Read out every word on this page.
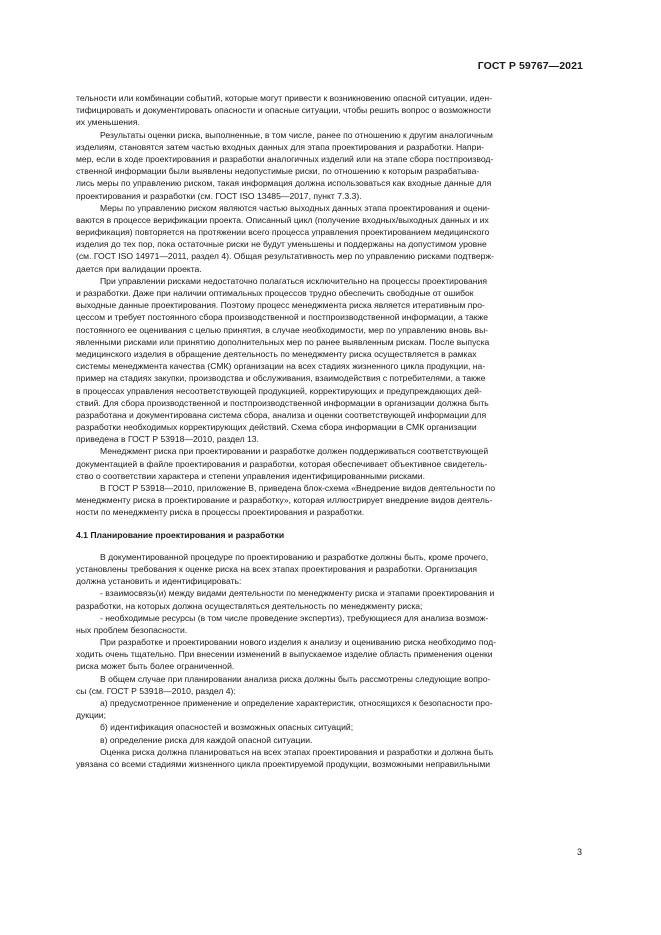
ГОСТ Р 59767—2021
тельности или комбинации событий, которые могут привести к возникновению опасной ситуации, иден-
тифицировать и документировать опасности и опасные ситуации, чтобы решить вопрос о возможности
их уменьшения.
Результаты оценки риска, выполненные, в том числе, ранее по отношению к другим аналогичным
изделиям, становятся затем частью входных данных для этапа проектирования и разработки. Напри-
мер, если в ходе проектирования и разработки аналогичных изделий или на этапе сбора постпроизвод-
ственной информации были выявлены недопустимые риски, по отношению к которым разрабатыва-
лись меры по управлению риском, такая информация должна использоваться как входные данные для
проектирования и разработки (см. ГОСТ ISO 13485—2017, пункт 7.3.3).
Меры по управлению риском являются частью выходных данных этапа проектирования и оцени-
ваются в процессе верификации проекта. Описанный цикл (получение входных/выходных данных и их
верификация) повторяется на протяжении всего процесса управления проектированием медицинского
изделия до тех пор, пока остаточные риски не будут уменьшены и поддержаны на допустимом уровне
(см. ГОСТ ISO 14971—2011, раздел 4). Общая результативность мер по управлению рисками подтверж-
дается при валидации проекта.
При управлении рисками недостаточно полагаться исключительно на процессы проектирования
и разработки. Даже при наличии оптимальных процессов трудно обеспечить свободные от ошибок
выходные данные проектирования. Поэтому процесс менеджмента риска является итеративным про-
цессом и требует постоянного сбора производственной и постпроизводственной информации, а также
постоянного ее оценивания с целью принятия, в случае необходимости, мер по управлению вновь вы-
явленными рисками или принятию дополнительных мер по ранее выявленным рискам. После выпуска
медицинского изделия в обращение деятельность по менеджменту риска осуществляется в рамках
системы менеджмента качества (СМК) организации на всех стадиях жизненного цикла продукции, на-
пример на стадиях закупки, производства и обслуживания, взаимодействия с потребителями, а также
в процессах управления несоответствующей продукцией, корректирующих и предупреждающих дей-
ствий. Для сбора производственной и постпроизводственной информации в организации должна быть
разработана и документирована система сбора, анализа и оценки соответствующей информации для
разработки необходимых корректирующих действий. Схема сбора информации в СМК организации
приведена в ГОСТ Р 53918—2010, раздел 13.
Менеджмент риска при проектировании и разработке должен поддерживаться соответствующей
документацией в файле проектирования и разработки, которая обеспечивает объективное свидетель-
ство о соответствии характера и степени управления идентифицированными рисками.
В ГОСТ Р 53918—2010, приложение В, приведена блок-схема «Внедрение видов деятельности по
менеджменту риска в проектирование и разработку», которая иллюстрирует внедрение видов деятель-
ности по менеджменту риска в процессы проектирования и разработки.
4.1 Планирование проектирования и разработки
В документированной процедуре по проектированию и разработке должны быть, кроме прочего,
установлены требования к оценке риска на всех этапах проектирования и разработки. Организация
должна установить и идентифицировать:
- взаимосвязь(и) между видами деятельности по менеджменту риска и этапами проектирования и
разработки, на которых должна осуществляться деятельность по менеджменту риска;
- необходимые ресурсы (в том числе проведение экспертиз), требующиеся для анализа возмож-
ных проблем безопасности.
При разработке и проектировании нового изделия к анализу и оцениванию риска необходимо под-
ходить очень тщательно. При внесении изменений в выпускаемое изделие область применения оценки
риска может быть более ограниченной.
В общем случае при планировании анализа риска должны быть рассмотрены следующие вопро-
сы (см. ГОСТ Р 53918—2010, раздел 4):
а) предусмотренное применение и определение характеристик, относящихся к безопасности про-
дукции;
б) идентификация опасностей и возможных опасных ситуаций;
в) определение риска для каждой опасной ситуации.
Оценка риска должна планироваться на всех этапах проектирования и разработки и должна быть
увязана со всеми стадиями жизненного цикла проектируемой продукции, возможными неправильными
3
